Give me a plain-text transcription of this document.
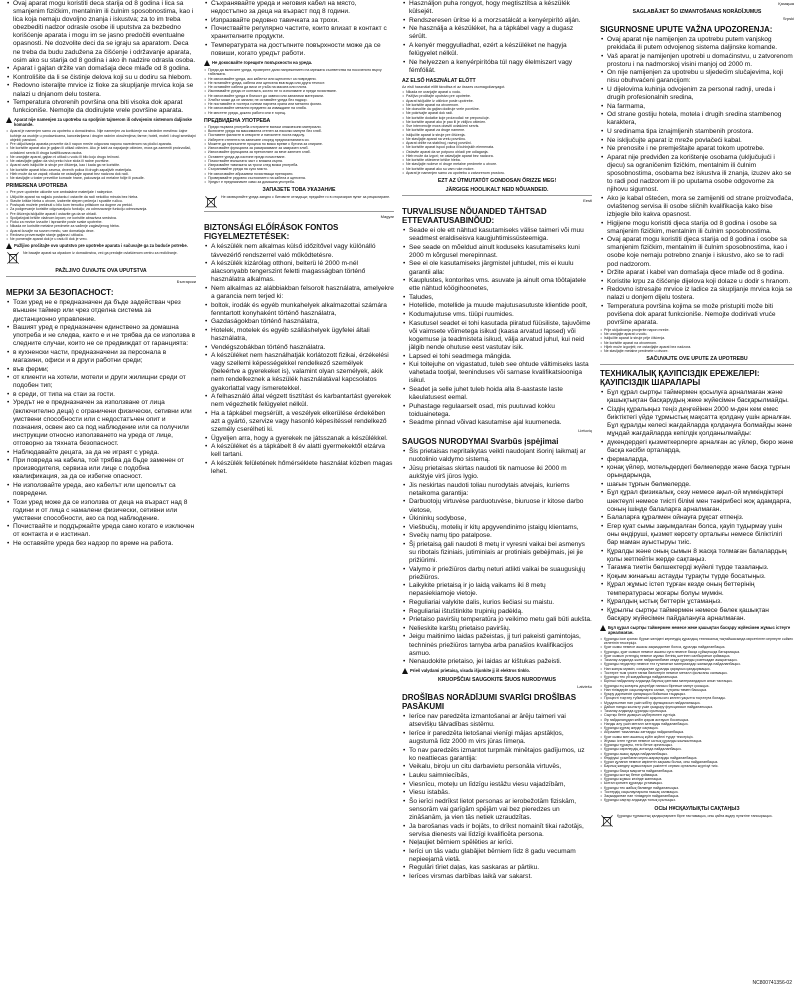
• Ovaj aparat mogu koristiti deca starija od 8 godina i lica sa smanjenim fizičkim, mentalnim ili čulnim sposobnostima, kao i lica koja nemaju dovoljno znanja i iskustva; za to im treba obezbediti nadzor odrasle osobe ili uputstva za bezbedno korišćenje aparata i mogu im se jasno predočiti eventualne opasnosti. Ne dozvolite deci da se igraju sa aparatom. Deca ne treba da budu zadužena za čišćenje i održavanje aparata, osim ako su starija od 8 godina i ako ih nadzire odrasla osoba.

• Aparat i gajtan držite van domašaja dece mlađe od 8 godina.

• Kontrolišite da li se čistinje delova koji su u dodiru sa hlebom.

• Redovno isteraljte mrvice iz fioke za skupljanje mrvica koja se nalazi u dnjanom delu tostera.

• Temperatura otvorenih površina ona biti visoka dok aparat funkcioniše. Nemojte da dodirujete vrele površine aparata.

Aparat nije namenjen za upotrebu sa spoljnim tajmerom ili odvojenim sistemom daljinske komande.

• Aparat je namenjen samo za upotrebu u domaćinstvu. Nije namenjen za korišćenje na sledećim mestima: čajne kuhinje za osoblje u prodavnicama, kancelarijama i drugim radnim okruženjima; farme; hoteli, moteli i drugi smeštajni objekti; pansioni.

• Pre uključivanja aparata proverite da li napon mreže odgovara naponu navedenom na pločici aparata.

• Ne koristite aparat ako je gajtan ili utikač oštećen. Ako je kabl za napajanje oštećen, mora ga zameniti proizvođač, ovlašćeni servis ili druga kvalifikovana osoba.

• Ne uranjajte aparat, gajtan ni utikač u vodu ili bilo koju drugu tečnost.

• Ne ostavljajte gajtan da visi preko ivice stola ili radne površine.

• Aparat uvek isključite iz struje pre čišćenja, kao i kada ga ne koristite.

• Ne koristite aparat blizu zavesa, drvenih polica ili drugih zapaljivih materijala.

• Hleb može da se zapali; nikada ne ostavljajte aparat bez nadzora dok radi.

• Ne stavljajte u toster prevelike komade hrane, pakovanja od metalne folije ili posuđe.

PRIMERENA UPOTREBA

• Pre prve upotrebe uklonite sve ambalažne materijale i nalepnice.

• Uključite aparat na najjaču postavku i ostavite da radi nekoliko minuta bez hleba.

• Stavite kriške hleba u otvore, izaberite stepen pečenja i spustite ručicu.

• Postupak možete prekinuti u bilo kom trenutku pritiskom na dugme za prekid.

• Za podgrevanje koristite odgovarajuću funkciju; za odmrzavanje funkciju odmrzavanja.

• Pre čišćenja isključite aparat i ostavite ga da se ohladi.

• Spoljašnjost brišite vlažnom krpom; ne koristite abrazivna sredstva.

• Fioku za mrvice izvucite i ispraznite posle svake upotrebe.

• Nikada ne koristite metalne predmete za vađenje zaglavljenog hleba.

• Aparat čuvajte na suvom mestu, van domašaja dece.

• Redovno proveravajte stanje gajtana i utikača.

• Ne pomerajte aparat dok je u radu ili dok je vreo.

Pažljivo pročitajte ovo uputstvo pre upotrebe aparata i sačuvajte ga za buduće potrebe.
Ne bacajte aparat sa otpadom iz domaćinstva, već ga predajte ovlašćenom centru za recikliranje.

PAŽLJIVO ČUVAJTE OVA UPUTSTVA

Български

МЕРКИ ЗА БЕЗОПАСНОСТ:

• Този уред не е предназначен да бъде задействан чрез външен таймер или чрез отделна система за дистанционно управление.

• Вашият уред е предназначен единствено за домашна употреба и не следва, както е и не трябва да се използва в следните случаи, които не се предвиждат от гаранцията:

• в кухненски части, предназначени за персонала в магазини, офиси и в други работни среди;

• във ферми;

• от клиенти на хотели, мотели и други жилищни среди от подобен тип;

• в среди, от типа на стаи за гости.

• Уредът не е предназначен за използване от лица (включително деца) с ограничени физически, сетивни или умствени способности или с недостатъчен опит и познания, освен ако са под наблюдение или са получили инструкции относно използването на уреда от лице, отговорно за тяхната безопасност.

• Наблюдавайте децата, за да не играят с уреда.

• При повреда на кабела, той трябва да бъде заменен от производителя, сервиза или лице с подобна квалификация, за да се избегне опасност.

• Не използвайте уреда, ако кабелът или щепселът са повредени.

• Този уред може да се използва от деца на възраст над 8 години и от лица с намалени физически, сетивни или умствени способности, ако са под наблюдение.

• Почиствайте и поддържайте уреда само когато е изключен от контакта и е изстинал.

• Не оставяйте уреда без надзор по време на работа.

• Съхранявайте уреда и неговия кабел на място, недостъпно за деца на възраст под 8 години.

• Изпразвайте редовно тавичката за трохи.

• Почиствайте регулярно частите, които влизат в контакт с хранителните продукти.

• Температурата на достъпните повърхности може да се повиши, когато уредът работи.

Не докосвайте горещите повърхности на уреда.

• Преди да включите уреда, проверете дали напрежението на мрежата съответства на посоченото върху табелката.

• Не използвайте уреда, ако кабелът или щепселът са повредени.

• Не потапяйте уреда, кабела или щепсела във вода или друга течност.

• Не оставяйте кабела да виси от ръба на масата или плота.

• Изключвайте уреда от контакта, когато не го използвате и преди почистване.

• Не използвайте уреда в близост до завеси или запалими материали.

• Хлябът може да се запали; не оставяйте уреда без надзор.

• Не поставяйте в тостера големи парчета храна или метално фолио.

• Не използвайте метални предмети за изваждане на хляба.

• Не местете уреда, докато работи или е горещ.

ПРЕДВИДЕНА УПОТРЕБА

• Преди първата употреба отстранете всички опаковъчни материали.

• Включете уреда на максимална степен за няколко минути без хляб.

• Поставете филиите в отворите и натиснете лоста надолу.

• Изберете степента на запичане според предпочитанията си.

• Можете да прекъснете процеса по всяко време с бутона за спиране.

• Използвайте функцията за размразяване за замразен хляб.

• Използвайте функцията за претопляне за вече запечен хляб.

• Оставете уреда да изстине преди почистване.

• Почиствайте външната част с влажна кърпа.

• Изпразвайте тавичката за трохи след всяка употреба.

• Съхранявайте уреда на сухо място.

• Не използвайте абразивни почистващи препарати.

• Проверявайте редовно състоянието на кабела и щепсела.

• Уредът е предназначен само за домашна употреба.

ЗАПАЗЕТЕ ТОВА УКАЗАНИЕ

Не изхвърляйте уреда заедно с битовите отпадъци; предайте го в оторизиран пункт за рециклиране.

Magyar

BIZTONSÁGI ELŐÍRÁSOK FONTOS FIGYELMEZTETÉSEK:

• A készülék nem alkalmas külső időzítővel vagy különálló távvezérlő rendszerrel való működtetésre.

• A készülék kizárólag otthoni, belterü lé 2000 m-nél alacsonyabb tengerszint feletti magasságban történő használatra alkalmas.

• Nem alkalmas az alábbiakban felsorolt használatra, amelyekre a garancia nem terjed ki:

• boltok, irodák és egyéb munkahelyek alkalmazottai számára fenntartott konyhaként történő használatra,

• Gazdaságokban történő használatra,

• Hotelek, motelek és egyéb szálláshelyek ügyfelei általi használatra,

• Vendégszobákban történő használatra.

• A készüléket nem használhatják korlátozott fizikai, érzékelési vagy szellemi képességekkel rendelkező személyek (beleértve a gyerekeket is), valamint olyan személyek, akik nem rendelkeznek a készülék használatával kapcsolatos gyakorlattal vagy ismeretekkel.

• A felhasználó által végzett tisztítást és karbantartást gyerekek nem végezhetik felügyelet nélkül.

• Ha a tápkábel megsérült, a veszélyek elkerülése érdekében azt a gyártó, szervize vagy hasonló képesítéssel rendelkező személy cserélheti ki.

• Ügyeljen arra, hogy a gyerekek ne játsszanak a készülékkel.

• A készüléket és a tápkábelt 8 év alatti gyermekektől elzárva kell tartani.

• A készülék felületének hőmérséklete használat közben magas lehet.

• Használjon puha rongyot, hogy megtisztítsa a készülék külsejét.

• Rendszeresen ürítse ki a morzsatálcát a kenyérpirító alján.

• Ne használja a készüléket, ha a tápkábel vagy a dugasz sérült.

• A kenyér meggyulladhat, ezért a készüléket ne hagyja felügyelet nélkül.

• Ne helyezzen a kenyérpirítóba túl nagy élelmiszert vagy fémfóliát.

AZ ELSŐ HASZNÁLAT ELŐTT

Az első használat előtt távolítsa el az összes csomagolóanyagot.

• Nikada ne uranjajte aparat u vodu.

• Pažljivo pročitajte uputstvo pre upotrebe.

• Aparat isključite iz utičnice posle upotrebe.

• Ne koristite aparat na otvorenom.

• Ne dozvolite da gajtan dodiruje vrele površine.

• Ne pokrivajte aparat dok radi.

• Ne koristite dodatke koje proizvođač ne preporučuje.

• Ne koristite aparat ako je pao ili je vidljivo oštećen.

• Sve intervencije mora obaviti ovlašćeni servis.

• Ne koristite aparat za druge namene.

• Isključite aparat iz struje pre čišćenja.

• Ne stavljajte aparat na vrelu površinu.

• Aparat držite na stabilnoj, ravnoj površini.

• Ne koristite aparat ispod polica ili kuhinjskih elemenata.

• Ostavite aparat da se potpuno ohladi pre odlaganja.

• Hleb može da izgori; ne ostavljajte aparat bez nadzora.

• Ne koristite oštećene kriške hleba.

• Ne stavljajte noževe ni druge metalne predmete u otvore.

• Ne koristite aparat ako su vam ruke mokre.

• Aparat je namenjen samo za upotrebu u zatvorenom prostoru.

EZT AZ ÚTMUTATÓT GONDOSAN ŐRIZZE MEG!

JÄRGIGE HOOLIKALT NEID NÕUANDEID.

Eesti

TURVALISUSE NÕUANDED TÄHTSAD ETTEVAATUSABINÕUD:

• Seade ei ole ett nähtud kasutamiseks välise taimeri või muu seadmest eraldiseisva kaugjuhtimissüsteemiga.

• See seade on mõeldud ainult koduseks kasutamiseks kuni 2000 m kõrgusel merepinnast.

• See ei ole kasutamiseks järgmistel juhtudel, mis ei kuulu garantii alla:

• Kauplustes, kontorites vms. asuvate ja ainult oma töötajatele ette nähtud köögihoonetes,

• Taludes,

• Hotellide, motellide ja muude majutusasutuste klientide poolt,

• Kodumajutuse vms. tüüpi ruumides.

• Kasutusel seadet ei tohi kasutada piiratud füüsiliste, tajuvõime või vaimsete võimetega isikud (kaasa arvatud lapsed) või kogemuse ja teadmisteta isikud, välja arvatud juhul, kui neid jälgib nende ohutuse eest vastutav isik.

• Lapsed ei tohi seadmega mängida.

• Kui toitejuhe on vigastatud, tuleb see ohtude vältimiseks lasta vahetada tootjal, teeninduses või sarnase kvalifikatsiooniga isikul.

• Seadet ja selle juhet tuleb hoida alla 8-aastaste laste käeulatusest eemal.

• Puhastage regulaarselt osad, mis puutuvad kokku toiduainetega.

• Seadme pinnad võivad kasutamise ajal kuumeneda.

Lietuvių

SAUGOS NURODYMAI Svarbūs įspėjimai

• Šis prietaisas nepritaikytas veikti naudojant išorinį laikmatį ar nuotolinio valdymo sistemą.

• Jūsų prietaisas skirtas naudoti tik namuose iki 2000 m aukštyje virš jūros lygio.

• Jis neskirtas naudoti toliau nurodytais atvejais, kuriems netaikoma garantija:

• Darbuotojų virtuvėse parduotuvėse, biuruose ir kitose darbo vietose,

• Ūkininkų sodybose,

• Viešbučių, motelių ir kitų apgyvendinimo įstaigų klientams,

• Svečių namų tipo patalpose.

• Šį prietaisą gali naudoti 8 metų ir vyresni vaikai bei asmenys su ribotais fiziniais, jutiminiais ar protiniais gebėjimais, jei jie prižiūrimi.

• Valymo ir priežiūros darbų neturi atlikti vaikai be suaugusiųjų priežiūros.

• Laikykite prietaisą ir jo laidą vaikams iki 8 metų nepasiekiamoje vietoje.

• Reguliariai valykite dalis, kurios liečiasi su maistu.

• Reguliariai ištuštinkite trupinių padėklą.

• Prietaiso paviršių temperatūra jo veikimo metu gali būti aukšta.

• Nelieskite karštų prietaiso paviršių.

• Jeigu maitinimo laidas pažeistas, jį turi pakeisti gamintojas, techninės priežiūros tarnyba arba panašios kvalifikacijos asmuo.

• Nenaudokite prietaiso, jei laidas ar kištukas pažeisti.

Prieš valydami prietaisą, visada išjunkite jį iš elektros tinklo.

KRUOPŠČIAI SAUGOKITE ŠIUOS NURODYMUS

Latviešu

DROŠĪBAS NORĀDĪJUMI SVARĪGI DROŠĪBAS PASĀKUMI

• Ierīce nav paredzēta izmantošanai ar ārēju taimeri vai atsevišķu tālvadības sistēmu.

• Ierīce ir paredzēta lietošanai vienīgi mājas apstākļos, augstumā līdz 2000 m virs jūras līmeņa.

• To nav paredzēts izmantot turpmāk minētajos gadījumos, uz ko neattiecas garantija:

• Veikalu, biroju un citu darbavietu personāla virtuvēs,

• Lauku saimniecībās,

• Viesnīcu, moteļu un līdzīgu iestāžu viesu vajadzībām,

• Viesu istabās.

• Šo ierīci nedrīkst lietot personas ar ierobežotām fiziskām, sensorām vai garīgām spējām vai bez pieredzes un zināšanām, ja vien tās netiek uzraudzītas.

• Ja barošanas vads ir bojāts, to drīkst nomainīt tikai ražotājs, servisa dienests vai līdzīgi kvalificēta persona.

• Neļaujiet bērniem spēlēties ar ierīci.

• Ierīci un tās vadu glabājiet bērniem līdz 8 gadu vecumam nepieejamā vietā.

• Regulāri tīriet daļas, kas saskaras ar pārtiku.

• Ierīces virsmas darbības laikā var sakarst.

Қазақша

SAGLABĀJIET ŠO IZMANTOŠANAS NORĀDĪJUMUS

Srpski

SIGURNOSNE UPUTE VAŽNA UPOZORENJA:

• Ovaj aparat nije namijenjen za upotrebu putem vanjskog prekidača ili putem odvojenog sistema daljinske komande.

• Vaš aparat je namijenjen upotrebi u domaćinstvu, u zatvorenom prostoru i na nadmorskoj visini manjoj od 2000 m.

• On nije namijenjen za upotrebu u sljedećim slučajevima, koji nisu obuhvaćeni garancijom:

• U dijelovima kuhinja odvojenim za personal radnji, ureda i drugih profesionalnih sredina,

• Na farmama,

• Od strane gostiju hotela, motela i drugih sredina stambenog karaktera,

• U sredinama tipa iznajmljenih stambenih prostora.

• Ne isključujte aparat iz mreže povlačeći kabal.

• Ne prenosite i ne premještajte aparat tokom upotrebe.

• Aparat nije predviđen za korištenje osobama (uključujući i djecu) sa ograničenim fizičkim, mentalnim ili čulnim sposobnostima, osobama bez iskustva ili znanja, izuzev ako se to radi pod nadzorom ili po uputama osobe odgovorne za njihovu sigurnost.

• Ako je kabal oštećen, mora se zamijeniti od strane proizvođača, ovlaštenog servisa ili osobe sličnih kvalifikacija kako bise izbjegle bilo kakva opasnost.

• Higijene mogu koristiti djeca starija od 8 godina i osobe sa smanjenim fizičkim, mentalnim ili čulnim sposobnostima.

• Ovaj aparat mogu koristiti djeca starija od 8 godina i osobe sa smanjenim fizičkim, mentalnim ili čulnim sposobnostima, kao i osobe koje nemaju potrebno znanje i iskustvo, ako se to radi pod nadzorom.

• Držite aparat i kabel van domašaja djece mlađe od 8 godina.

• Koristite krpu za čišćenje dijelova koji dolaze u dodir s hranom.

• Redovno istresajte mrvice iz ladice za skupljanje mrvica koja se nalazi u donjem dijelu tostera.

• Temperatura površina kojima se može pristupiti može biti povišena dok aparat funkcioniše. Nemojte dodirivati vruće površine aparata.

• Prije uključivanja provjerite napon mreže.

• Ne uranjajte aparat u vodu.

• Isključite aparat iz struje prije čišćenja.

• Ne koristite aparat na otvorenom.

• Hljeb može izgorjeti; ne ostavljajte aparat bez nadzora.

• Ne stavljajte metalne predmete u otvore.

SAČUVAJTE OVE UPUTE ZA UPOTREBU

ТЕХНИКАЛЫҚ ҚАУІПСІЗДІК ЕРЕЖЕЛЕРІ: ҚАУІПСІЗДІК ШАРАЛАРЫ

• Бұл құрал сыртқы таймермен қосылуға арналмаған және қашықтықтан басқарудың жеке жүйесімен басқарылмайды.

• Сіздің құралыңыз теңіз деңгейінен 2000 м-ден кем емес биіктіктегі үйде тұрмыстық мақсатта қолдану үшін арналған. Бұл құралды келесі жағдайларда қолдануға болмайды және мұндай жағдайларда кепілдік қолданылмайды:

• дүкендердегі қызметкерлерге арналған ас үйлер, бюро және басқа кәсіби орталарда,

• фермаларда,

• қонақ үйлер, мотельдердегі бөлмелерде және басқа тұрғын орындарында,

• шағын тұрғын бөлмелерде.

• Бұл құрал физикалық, сезу немесе ақыл-ой мүмкіндіктері шектеулі немесе тиісті білімі мен тәжірибесі жоқ адамдарға, соның ішінде балаларға арналмаған.

• Балаларға құралмен ойнауға рұқсат етпеңіз.

• Егер қуат сымы зақымдалған болса, қауіп тудырмау үшін оны өндіруші, қызмет көрсету орталығы немесе біліктілігі бар маман ауыстыруы тиіс.

• Құралды және оның сымын 8 жасқа толмаған балалардың қолы жетпейтін жерде сақтаңыз.

• Тағамға тиетін бөлшектерді жүйелі түрде тазалаңыз.

• Қоқым жинағыш астауды тұрақты түрде босатыңыз.

• Құрал жұмыс істеп тұрған кезде оның беттерінің температурасы жоғары болуы мүмкін.

• Құралдың ыстық беттерін ұстамаңыз.

• Құрылғы сыртқы таймермен немесе бөлек қашықтан басқару жүйесімен пайдалануға арналмаған.

Бұл құрал сыртқы таймермен немесе жеке қашықтан басқару жүйесімен жұмыс істеуге арналмаған.

• Құралды іске қоспас бұрын желідегі кернеудің құралдың техникалық тақтайшасында көрсетілген кернеуге сәйкес келетінін тексеріңіз.

• Қуат сымы немесе ашасы зақымдалған болса, құралды пайдаланбаңыз.

• Құралды, қуат сымын немесе ашаны суға немесе басқа сұйықтыққа батырмаңыз.

• Қуат сымын үстелдің немесе жұмыс бетінің шетінен салбыратып қоймаңыз.

• Тазалау алдында және пайдаланбаған кезде құралды розеткадан ажыратыңыз.

• Құралды перделер немесе тез тұтанатын материалдар жанында пайдаланбаңыз.

• Нан жануы мүмкін, сондықтан құралды қараусыз қалдырмаңыз.

• Тостерге тым үлкен тағам бөліктерін немесе металл фольганы салмаңыз.

• Құралды тек үй жағдайында пайдаланыңыз.

• Бірінші пайдалану алдында барлық қаптама материалдарын алып тастаңыз.

• Құралды ең жоғарғы деңгейде нансыз бірнеше минут қосыңыз.

• Нан тілімдерін саңылауларға салып, тұтқаны төмен басыңыз.

• Қуыру дәрежесін қалауыңыз бойынша таңдаңыз.

• Процесті тоқтату түймешігі арқылы кез келген уақытта тоқтатуға болады.

• Мұздатылған нан үшін жібіту функциясын пайдаланыңыз.

• Дайын нанды жылыту үшін қыздыру функциясын пайдаланыңыз.

• Тазалау алдында құралды суытыңыз.

• Сыртқы бетін дымқыл шүберекпен сүртіңіз.

• Әр пайдаланудан кейін қоқым астауын босатыңыз.

• Нанды алу үшін металл заттарды пайдаланбаңыз.

• Құралды құрғақ жерде сақтаңыз.

• Абразивті тазалағыш заттарды пайдаланбаңыз.

• Қуат сымы мен ашаның күйін жүйелі түрде тексеріңіз.

• Жұмыс істеп тұрған немесе ыстық құралды жылжытпаңыз.

• Құралды тұрақты, тегіс бетке орнатыңыз.

• Құралды сөрелердің астында пайдаланбаңыз.

• Құралды ашық ауада пайдаланбаңыз.

• Өндіруші ұсынбаған керек-жарақтарды пайдаланбаңыз.

• Құрал құлаған немесе көрінетін зақымы болса, оны пайдаланбаңыз.

• Барлық жөндеу жұмыстарын уәкілетті сервис орталығы жүргізуі тиіс.

• Құралды басқа мақсатта пайдаланбаңыз.

• Құралды ыстық бетке қоймаңыз.

• Құралды жұмыс кезінде жаппаңыз.

• Ылғал қолмен құралды ұстамаңыз.

• Құралды тек жабық бөлмеде пайдаланыңыз.

• Тостердің саңылауларына пышақ салмаңыз.

• Зақымдалған нан тілімдерін пайдаланбаңыз.

• Құралды сақтар алдында толық суытыңыз.

ОСЫ НҰСҚАУЛЫҚТЫ САҚТАҢЫЗ

Құралды тұрмыстық қалдықтармен бірге тастамаңыз, оны қайта өңдеу пунктіне тапсырыңыз.
NC800741356-02
